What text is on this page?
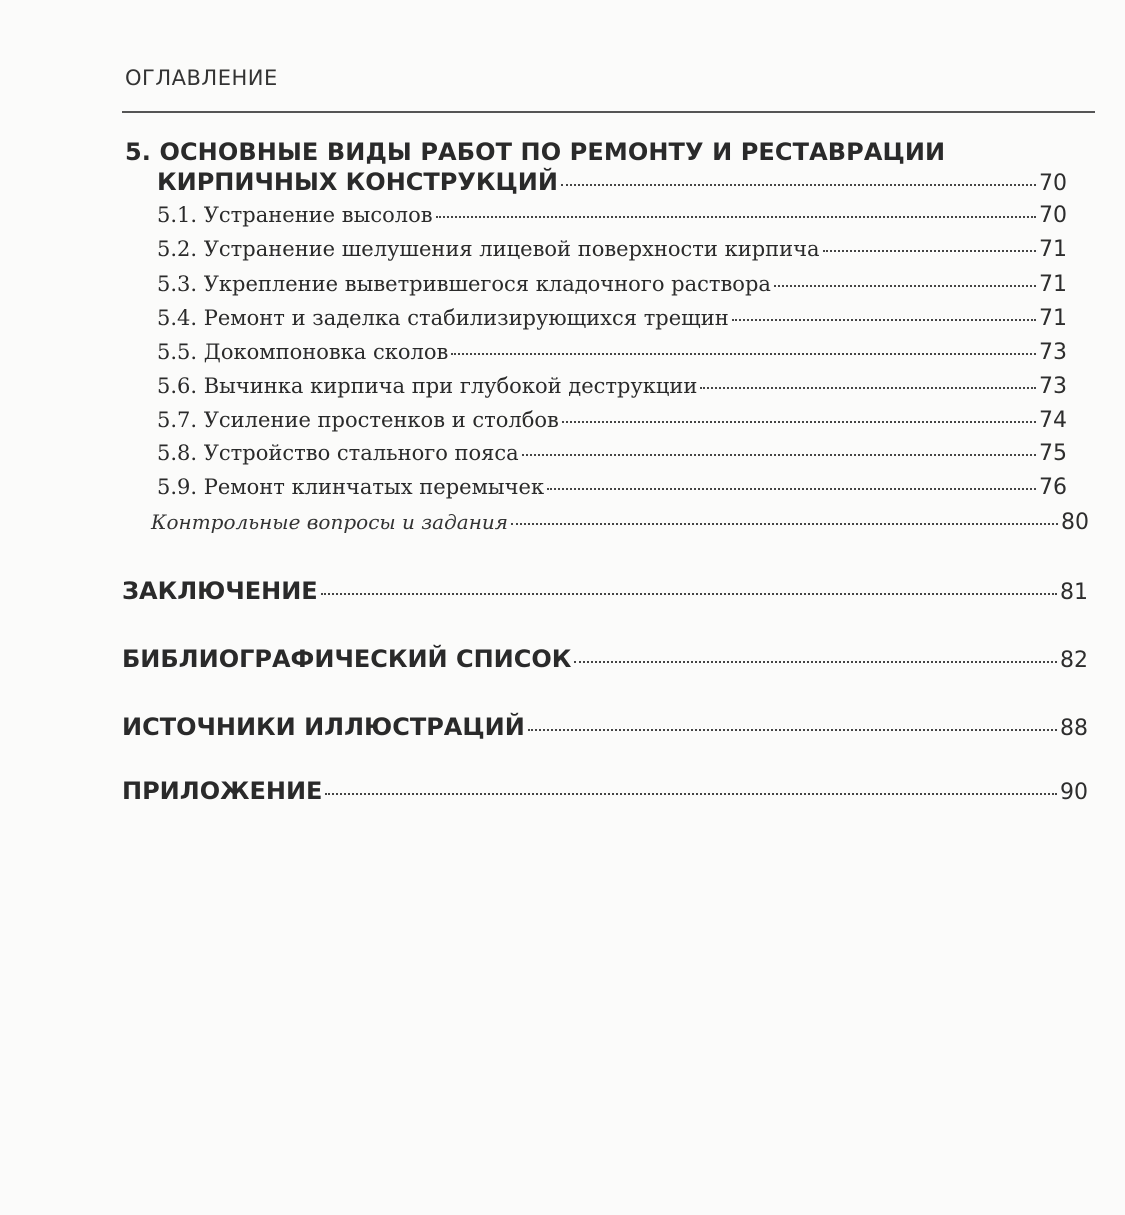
ОГЛАВЛЕНИЕ
5. ОСНОВНЫЕ ВИДЫ РАБОТ ПО РЕМОНТУ И РЕСТАВРАЦИИ
КИРПИЧНЫХ КОНСТРУКЦИЙ	70
5.1. Устранение высолов	70
5.2. Устранение шелушения лицевой поверхности кирпича	71
5.3. Укрепление выветрившегося кладочного раствора	71
5.4. Ремонт и заделка стабилизирующихся трещин	71
5.5. Докомпоновка сколов	73
5.6. Вычинка кирпича при глубокой деструкции	73
5.7. Усиление простенков и столбов	74
5.8. Устройство стального пояса	75
5.9. Ремонт клинчатых перемычек	76
Контрольные вопросы и задания	80
ЗАКЛЮЧЕНИЕ	81
БИБЛИОГРАФИЧЕСКИЙ СПИСОК	82
ИСТОЧНИКИ ИЛЛЮСТРАЦИЙ	88
ПРИЛОЖЕНИЕ	90
